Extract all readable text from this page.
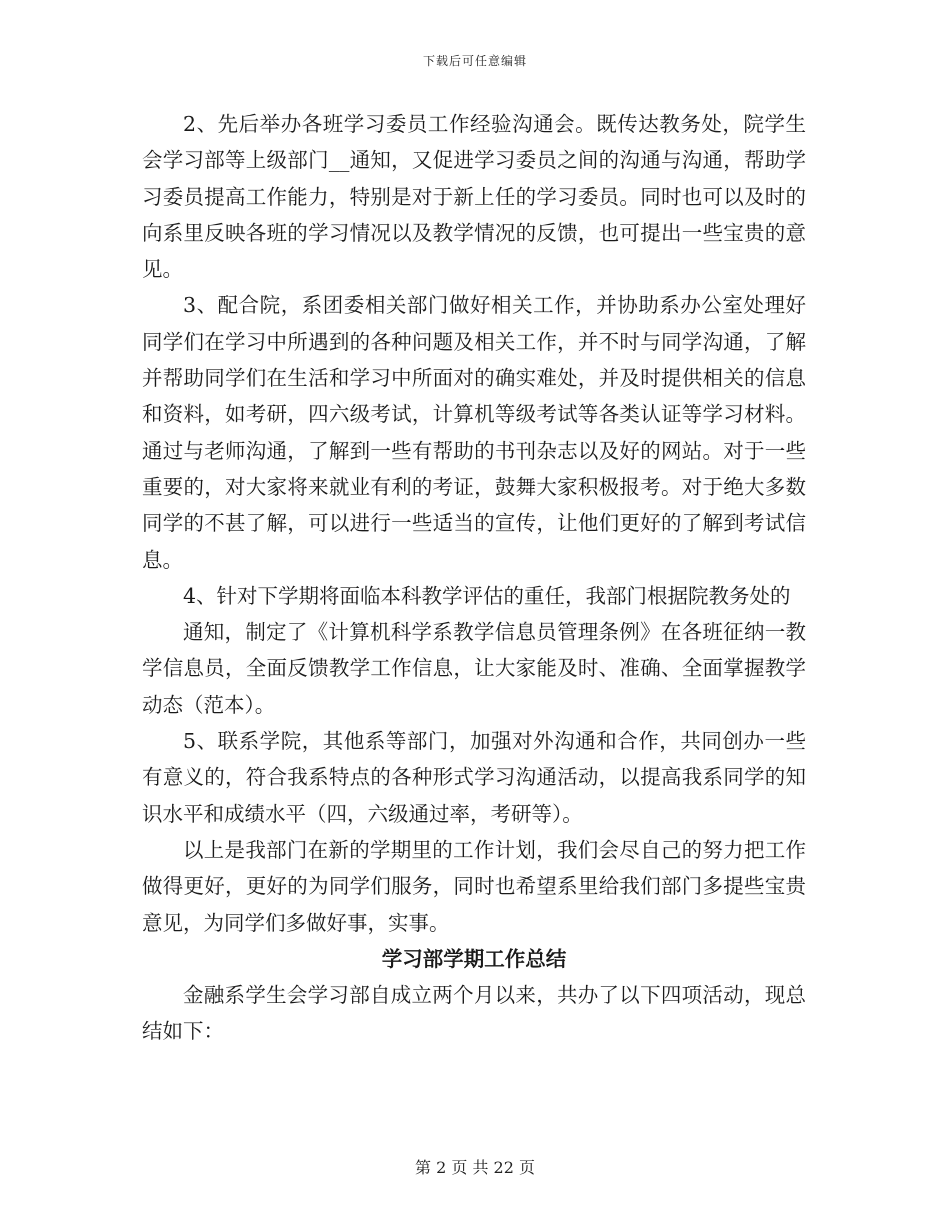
下载后可任意编辑

2、先后举办各班学习委员工作经验沟通会。既传达教务处，院学生会学习部等上级部门__通知，又促进学习委员之间的沟通与沟通，帮助学习委员提高工作能力，特别是对于新上任的学习委员。同时也可以及时的向系里反映各班的学习情况以及教学情况的反馈，也可提出一些宝贵的意见。

3、配合院，系团委相关部门做好相关工作，并协助系办公室处理好同学们在学习中所遇到的各种问题及相关工作，并不时与同学沟通，了解并帮助同学们在生活和学习中所面对的确实难处，并及时提供相关的信息和资料，如考研，四六级考试，计算机等级考试等各类认证等学习材料。通过与老师沟通，了解到一些有帮助的书刊杂志以及好的网站。对于一些重要的，对大家将来就业有利的考证，鼓舞大家积极报考。对于绝大多数同学的不甚了解，可以进行一些适当的宣传，让他们更好的了解到考试信息。

4、针对下学期将面临本科教学评估的重任，我部门根据院教务处的

通知，制定了《计算机科学系教学信息员管理条例》在各班征纳一教学信息员，全面反馈教学工作信息，让大家能及时、准确、全面掌握教学动态（范本）。

5、联系学院，其他系等部门，加强对外沟通和合作，共同创办一些有意义的，符合我系特点的各种形式学习沟通活动，以提高我系同学的知识水平和成绩水平（四，六级通过率，考研等）。

以上是我部门在新的学期里的工作计划，我们会尽自己的努力把工作做得更好，更好的为同学们服务，同时也希望系里给我们部门多提些宝贵意见，为同学们多做好事，实事。

学习部学期工作总结

金融系学生会学习部自成立两个月以来，共办了以下四项活动，现总结如下：

第 2 页 共 22 页
